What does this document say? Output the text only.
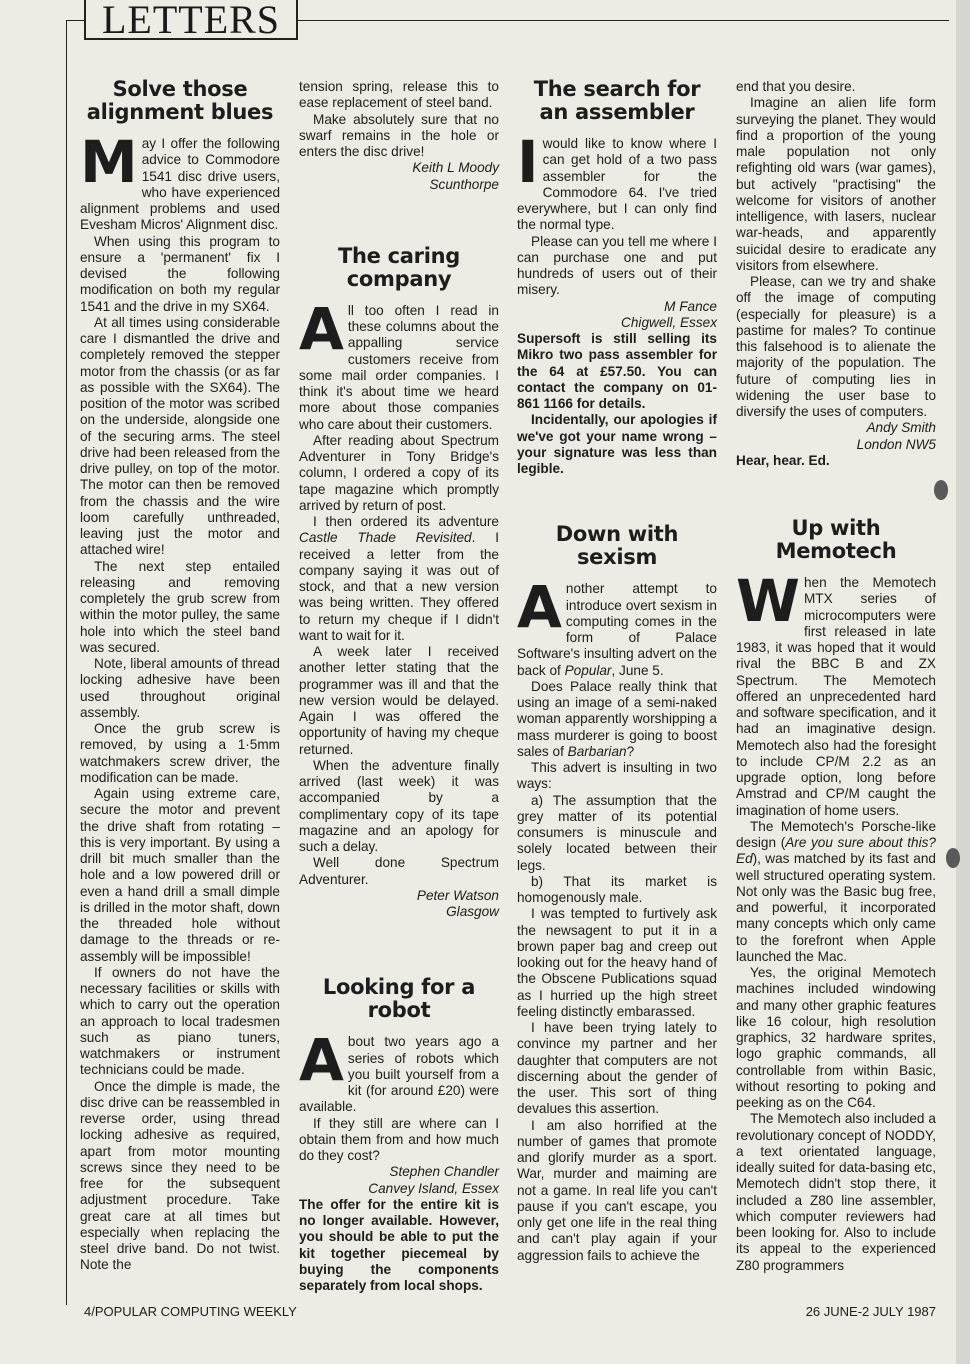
LETTERS
Solve those alignment blues

May I offer the following advice to Commodore 1541 disc drive users, who have experienced alignment problems and used Evesham Micros' Alignment disc.

When using this program to ensure a 'permanent' fix I devised the following modification on both my regular 1541 and the drive in my SX64.

At all times using considerable care I dismantled the drive and completely removed the stepper motor from the chassis (or as far as possible with the SX64). The position of the motor was scribed on the underside, alongside one of the securing arms. The steel drive had been released from the drive pulley, on top of the motor. The motor can then be removed from the chassis and the wire loom carefully unthreaded, leaving just the motor and attached wire!

The next step entailed releasing and removing completely the grub screw from within the motor pulley, the same hole into which the steel band was secured.

Note, liberal amounts of thread locking adhesive have been used throughout original assembly.

Once the grub screw is removed, by using a 1·5mm watchmakers screw driver, the modification can be made.

Again using extreme care, secure the motor and prevent the drive shaft from rotating – this is very important. By using a drill bit much smaller than the hole and a low powered drill or even a hand drill a small dimple is drilled in the motor shaft, down the threaded hole without damage to the threads or re-assembly will be impossible!

If owners do not have the necessary facilities or skills with which to carry out the operation an approach to local tradesmen such as piano tuners, watchmakers or instrument technicians could be made.

Once the dimple is made, the disc drive can be reassembled in reverse order, using thread locking adhesive as required, apart from motor mounting screws since they need to be free for the subsequent adjustment procedure. Take great care at all times but especially when replacing the steel drive band. Do not twist. Note the

tension spring, release this to ease replacement of steel band.

Make absolutely sure that no swarf remains in the hole or enters the disc drive!

Keith L Moody

Scunthorpe

The caring company

All too often I read in these columns about the appalling service customers receive from some mail order companies. I think it's about time we heard more about those companies who care about their customers.

After reading about Spectrum Adventurer in Tony Bridge's column, I ordered a copy of its tape magazine which promptly arrived by return of post.

I then ordered its adventure Castle Thade Revisited. I received a letter from the company saying it was out of stock, and that a new version was being written. They offered to return my cheque if I didn't want to wait for it.

A week later I received another letter stating that the programmer was ill and that the new version would be delayed. Again I was offered the opportunity of having my cheque returned.

When the adventure finally arrived (last week) it was accompanied by a complimentary copy of its tape magazine and an apology for such a delay.

Well done Spectrum Adventurer.

Peter Watson

Glasgow

Looking for a robot

About two years ago a series of robots which you built yourself from a kit (for around £20) were available.

If they still are where can I obtain them from and how much do they cost?

Stephen Chandler

Canvey Island, Essex

The offer for the entire kit is no longer available. However, you should be able to put the kit together piecemeal by buying the components separately from local shops.

The search for an assembler

Iwould like to know where I can get hold of a two pass assembler for the Commodore 64. I've tried everywhere, but I can only find the normal type.

Please can you tell me where I can purchase one and put hundreds of users out of their misery.

M Fance

Chigwell, Essex

Supersoft is still selling its Mikro two pass assembler for the 64 at £57.50. You can contact the company on 01-861 1166 for details.

Incidentally, our apologies if we've got your name wrong – your signature was less than legible.

Down with sexism

Another attempt to introduce overt sexism in computing comes in the form of Palace Software's insulting advert on the back of Popular, June 5.

Does Palace really think that using an image of a semi-naked woman apparently worshipping a mass murderer is going to boost sales of Barbarian?

This advert is insulting in two ways:

a) The assumption that the grey matter of its potential consumers is minuscule and solely located between their legs.

b) That its market is homogenously male.

I was tempted to furtively ask the newsagent to put it in a brown paper bag and creep out looking out for the heavy hand of the Obscene Publications squad as I hurried up the high street feeling distinctly embarassed.

I have been trying lately to convince my partner and her daughter that computers are not discerning about the gender of the user. This sort of thing devalues this assertion.

I am also horrified at the number of games that promote and glorify murder as a sport. War, murder and maiming are not a game. In real life you can't pause if you can't escape, you only get one life in the real thing and can't play again if your aggression fails to achieve the

end that you desire.

Imagine an alien life form surveying the planet. They would find a proportion of the young male population not only refighting old wars (war games), but actively "practising" the welcome for visitors of another intelligence, with lasers, nuclear war-heads, and apparently suicidal desire to eradicate any visitors from elsewhere.

Please, can we try and shake off the image of computing (especially for pleasure) is a pastime for males? To continue this falsehood is to alienate the majority of the population. The future of computing lies in widening the user base to diversify the uses of computers.

Andy Smith

London NW5

Hear, hear. Ed.

Up with Memotech

When the Memotech MTX series of microcomputers were first released in late 1983, it was hoped that it would rival the BBC B and ZX Spectrum. The Memotech offered an unprecedented hard and software specification, and it had an imaginative design. Memotech also had the foresight to include CP/M 2.2 as an upgrade option, long before Amstrad and CP/M caught the imagination of home users.

The Memotech's Porsche-like design (Are you sure about this? Ed), was matched by its fast and well structured operating system. Not only was the Basic bug free, and powerful, it incorporated many concepts which only came to the forefront when Apple launched the Mac.

Yes, the original Memotech machines included windowing and many other graphic features like 16 colour, high resolution graphics, 32 hardware sprites, logo graphic commands, all controllable from within Basic, without resorting to poking and peeking as on the C64.

The Memotech also included a revolutionary concept of NODDY, a text orientated language, ideally suited for data-basing etc, Memotech didn't stop there, it included a Z80 line assembler, which computer reviewers had been looking for. Also to include its appeal to the experienced Z80 programmers

4/POPULAR COMPUTING WEEKLY	26 JUNE-2 JULY 1987
